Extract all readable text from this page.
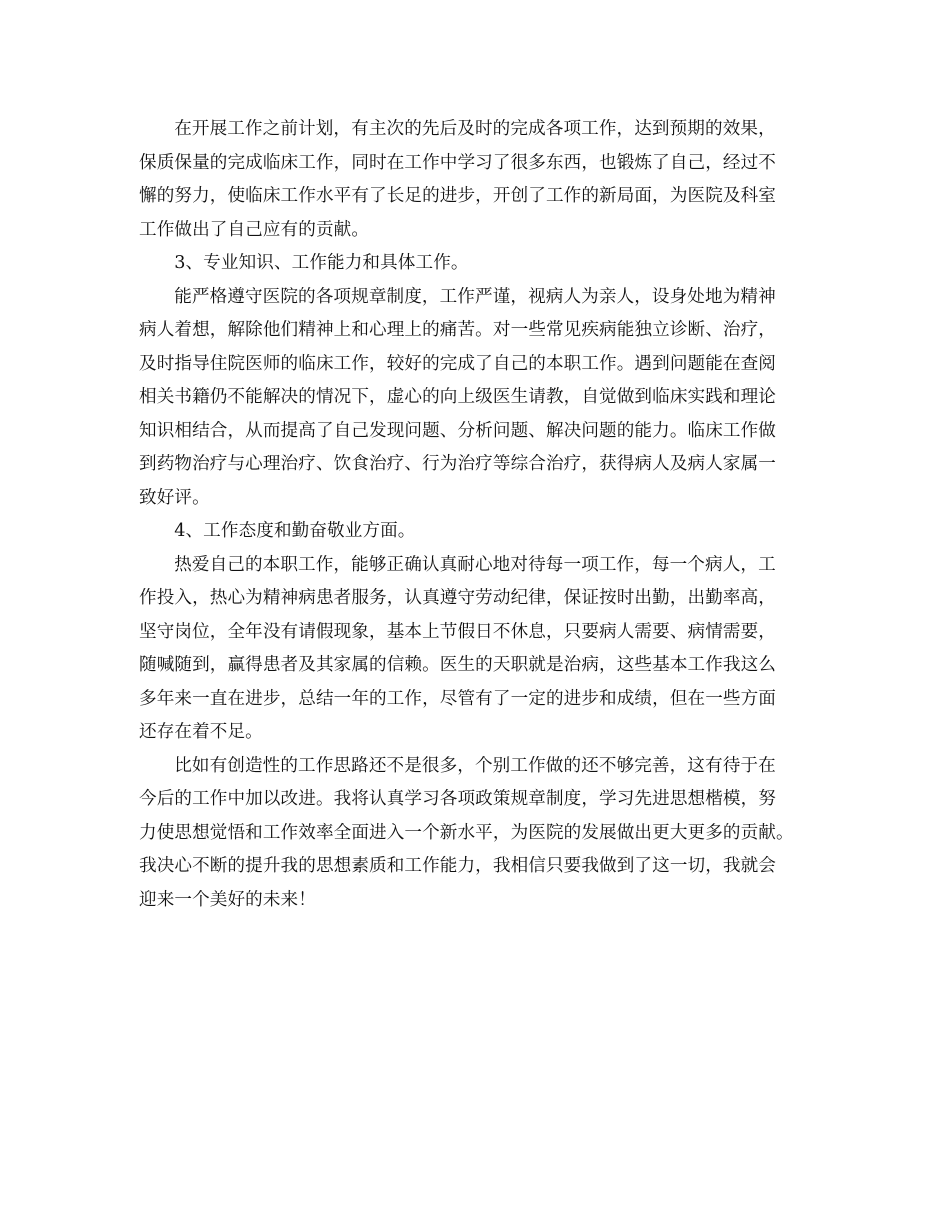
在开展工作之前计划，有主次的先后及时的完成各项工作，达到预期的效果，
保质保量的完成临床工作，同时在工作中学习了很多东西，也锻炼了自己，经过不
懈的努力，使临床工作水平有了长足的进步，开创了工作的新局面，为医院及科室
工作做出了自己应有的贡献。
3、专业知识、工作能力和具体工作。
能严格遵守医院的各项规章制度，工作严谨，视病人为亲人，设身处地为精神
病人着想，解除他们精神上和心理上的痛苦。对一些常见疾病能独立诊断、治疗，
及时指导住院医师的临床工作，较好的完成了自己的本职工作。遇到问题能在查阅
相关书籍仍不能解决的情况下，虚心的向上级医生请教，自觉做到临床实践和理论
知识相结合，从而提高了自己发现问题、分析问题、解决问题的能力。临床工作做
到药物治疗与心理治疗、饮食治疗、行为治疗等综合治疗，获得病人及病人家属一
致好评。
4、工作态度和勤奋敬业方面。
热爱自己的本职工作，能够正确认真耐心地对待每一项工作，每一个病人，工
作投入，热心为精神病患者服务，认真遵守劳动纪律，保证按时出勤，出勤率高，
坚守岗位，全年没有请假现象，基本上节假日不休息，只要病人需要、病情需要，
随喊随到，赢得患者及其家属的信赖。医生的天职就是治病，这些基本工作我这么
多年来一直在进步，总结一年的工作，尽管有了一定的进步和成绩，但在一些方面
还存在着不足。
比如有创造性的工作思路还不是很多，个别工作做的还不够完善，这有待于在
今后的工作中加以改进。我将认真学习各项政策规章制度，学习先进思想楷模，努
力使思想觉悟和工作效率全面进入一个新水平，为医院的发展做出更大更多的贡献。
我决心不断的提升我的思想素质和工作能力，我相信只要我做到了这一切，我就会
迎来一个美好的未来！
